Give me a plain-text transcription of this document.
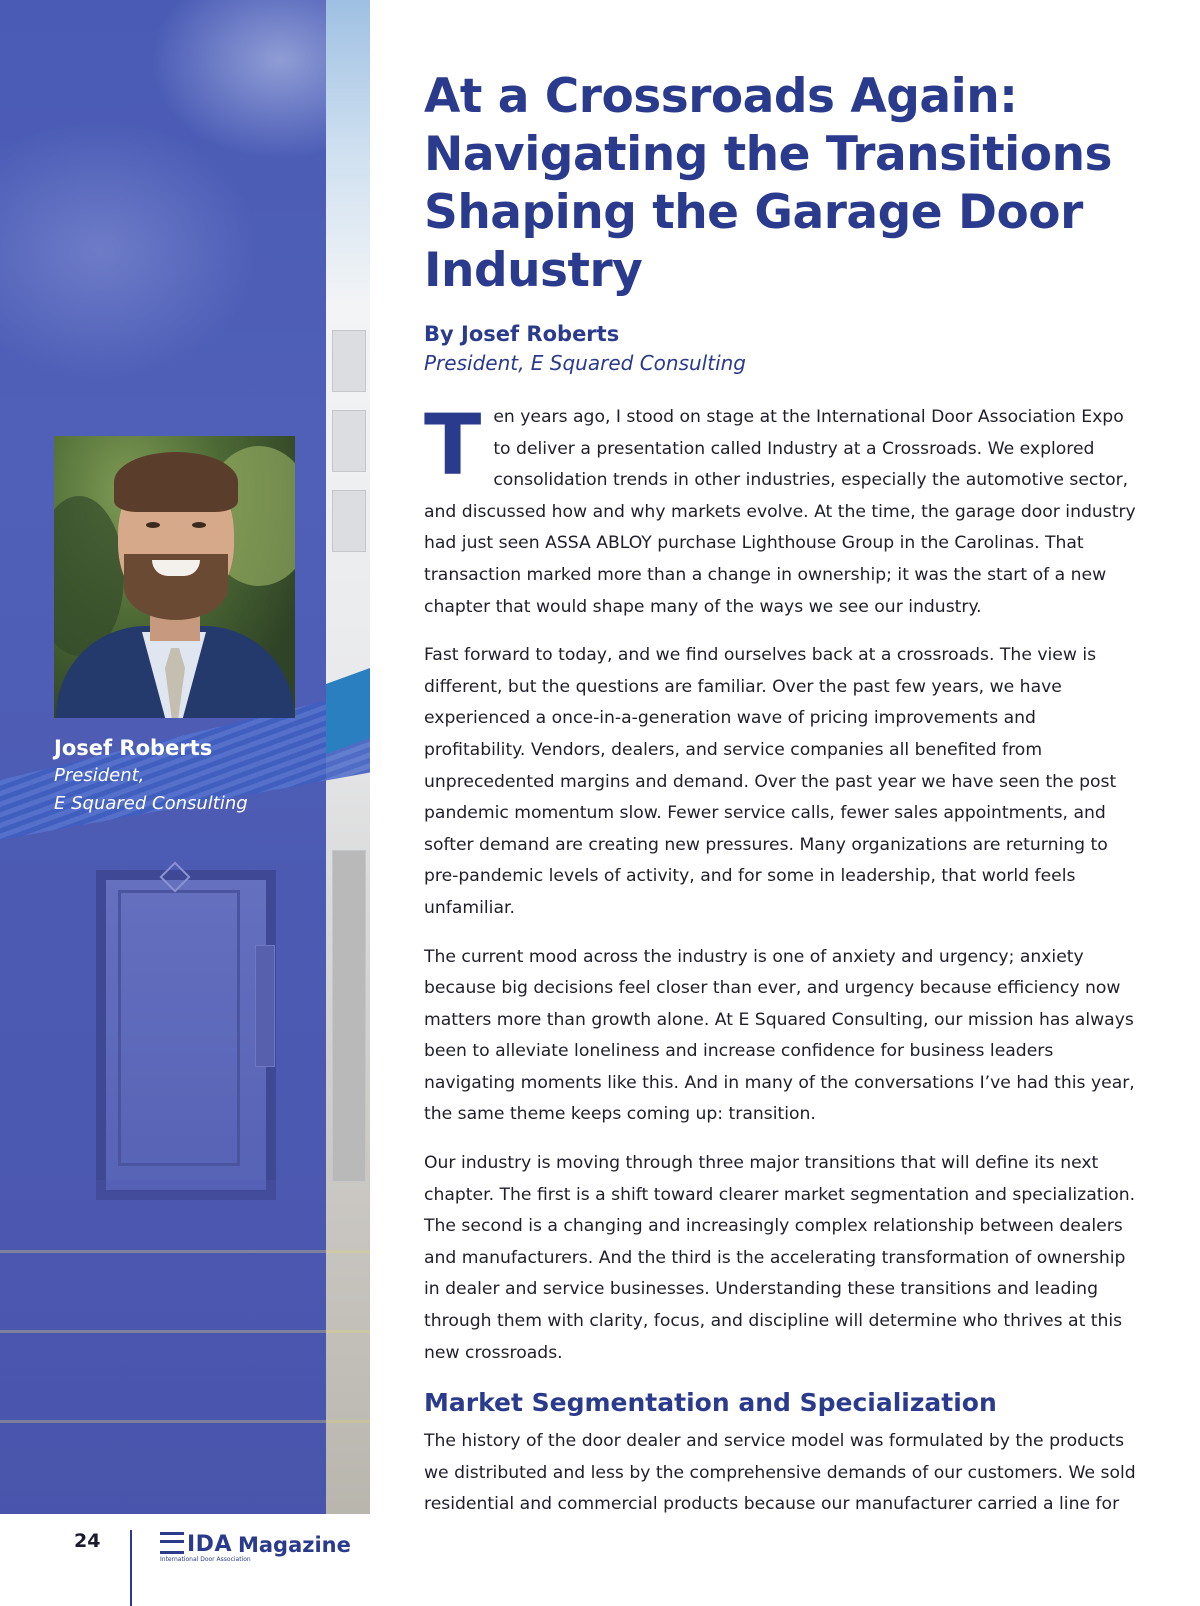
Josef Roberts
President,
E Squared Consulting
At a Crossroads Again: Navigating the Transitions Shaping the Garage Door Industry
By Josef Roberts
President, E Squared Consulting

Ten years ago, I stood on stage at the International Door Association Expo to deliver a presentation called Industry at a Crossroads. We explored consolidation trends in other industries, especially the automotive sector, and discussed how and why markets evolve. At the time, the garage door industry had just seen ASSA ABLOY purchase Lighthouse Group in the Carolinas. That transaction marked more than a change in ownership; it was the start of a new chapter that would shape many of the ways we see our industry.

Fast forward to today, and we find ourselves back at a crossroads. The view is different, but the questions are familiar. Over the past few years, we have experienced a once-in-a-generation wave of pricing improvements and profitability. Vendors, dealers, and service companies all benefited from unprecedented margins and demand. Over the past year we have seen the post pandemic momentum slow. Fewer service calls, fewer sales appointments, and softer demand are creating new pressures. Many organizations are returning to pre-pandemic levels of activity, and for some in leadership, that world feels unfamiliar.

The current mood across the industry is one of anxiety and urgency; anxiety because big decisions feel closer than ever, and urgency because efficiency now matters more than growth alone. At E Squared Consulting, our mission has always been to alleviate loneliness and increase confidence for business leaders navigating moments like this. And in many of the conversations I’ve had this year, the same theme keeps coming up: transition.

Our industry is moving through three major transitions that will define its next chapter. The first is a shift toward clearer market segmentation and specialization. The second is a changing and increasingly complex relationship between dealers and manufacturers. And the third is the accelerating transformation of ownership in dealer and service businesses. Understanding these transitions and leading through them with clarity, focus, and discipline will determine who thrives at this new crossroads.

Market Segmentation and Specialization

The history of the door dealer and service model was formulated by the products we distributed and less by the comprehensive demands of our customers. We sold residential and commercial products because our manufacturer carried a line for

24	IDA Magazine
International Door Association
